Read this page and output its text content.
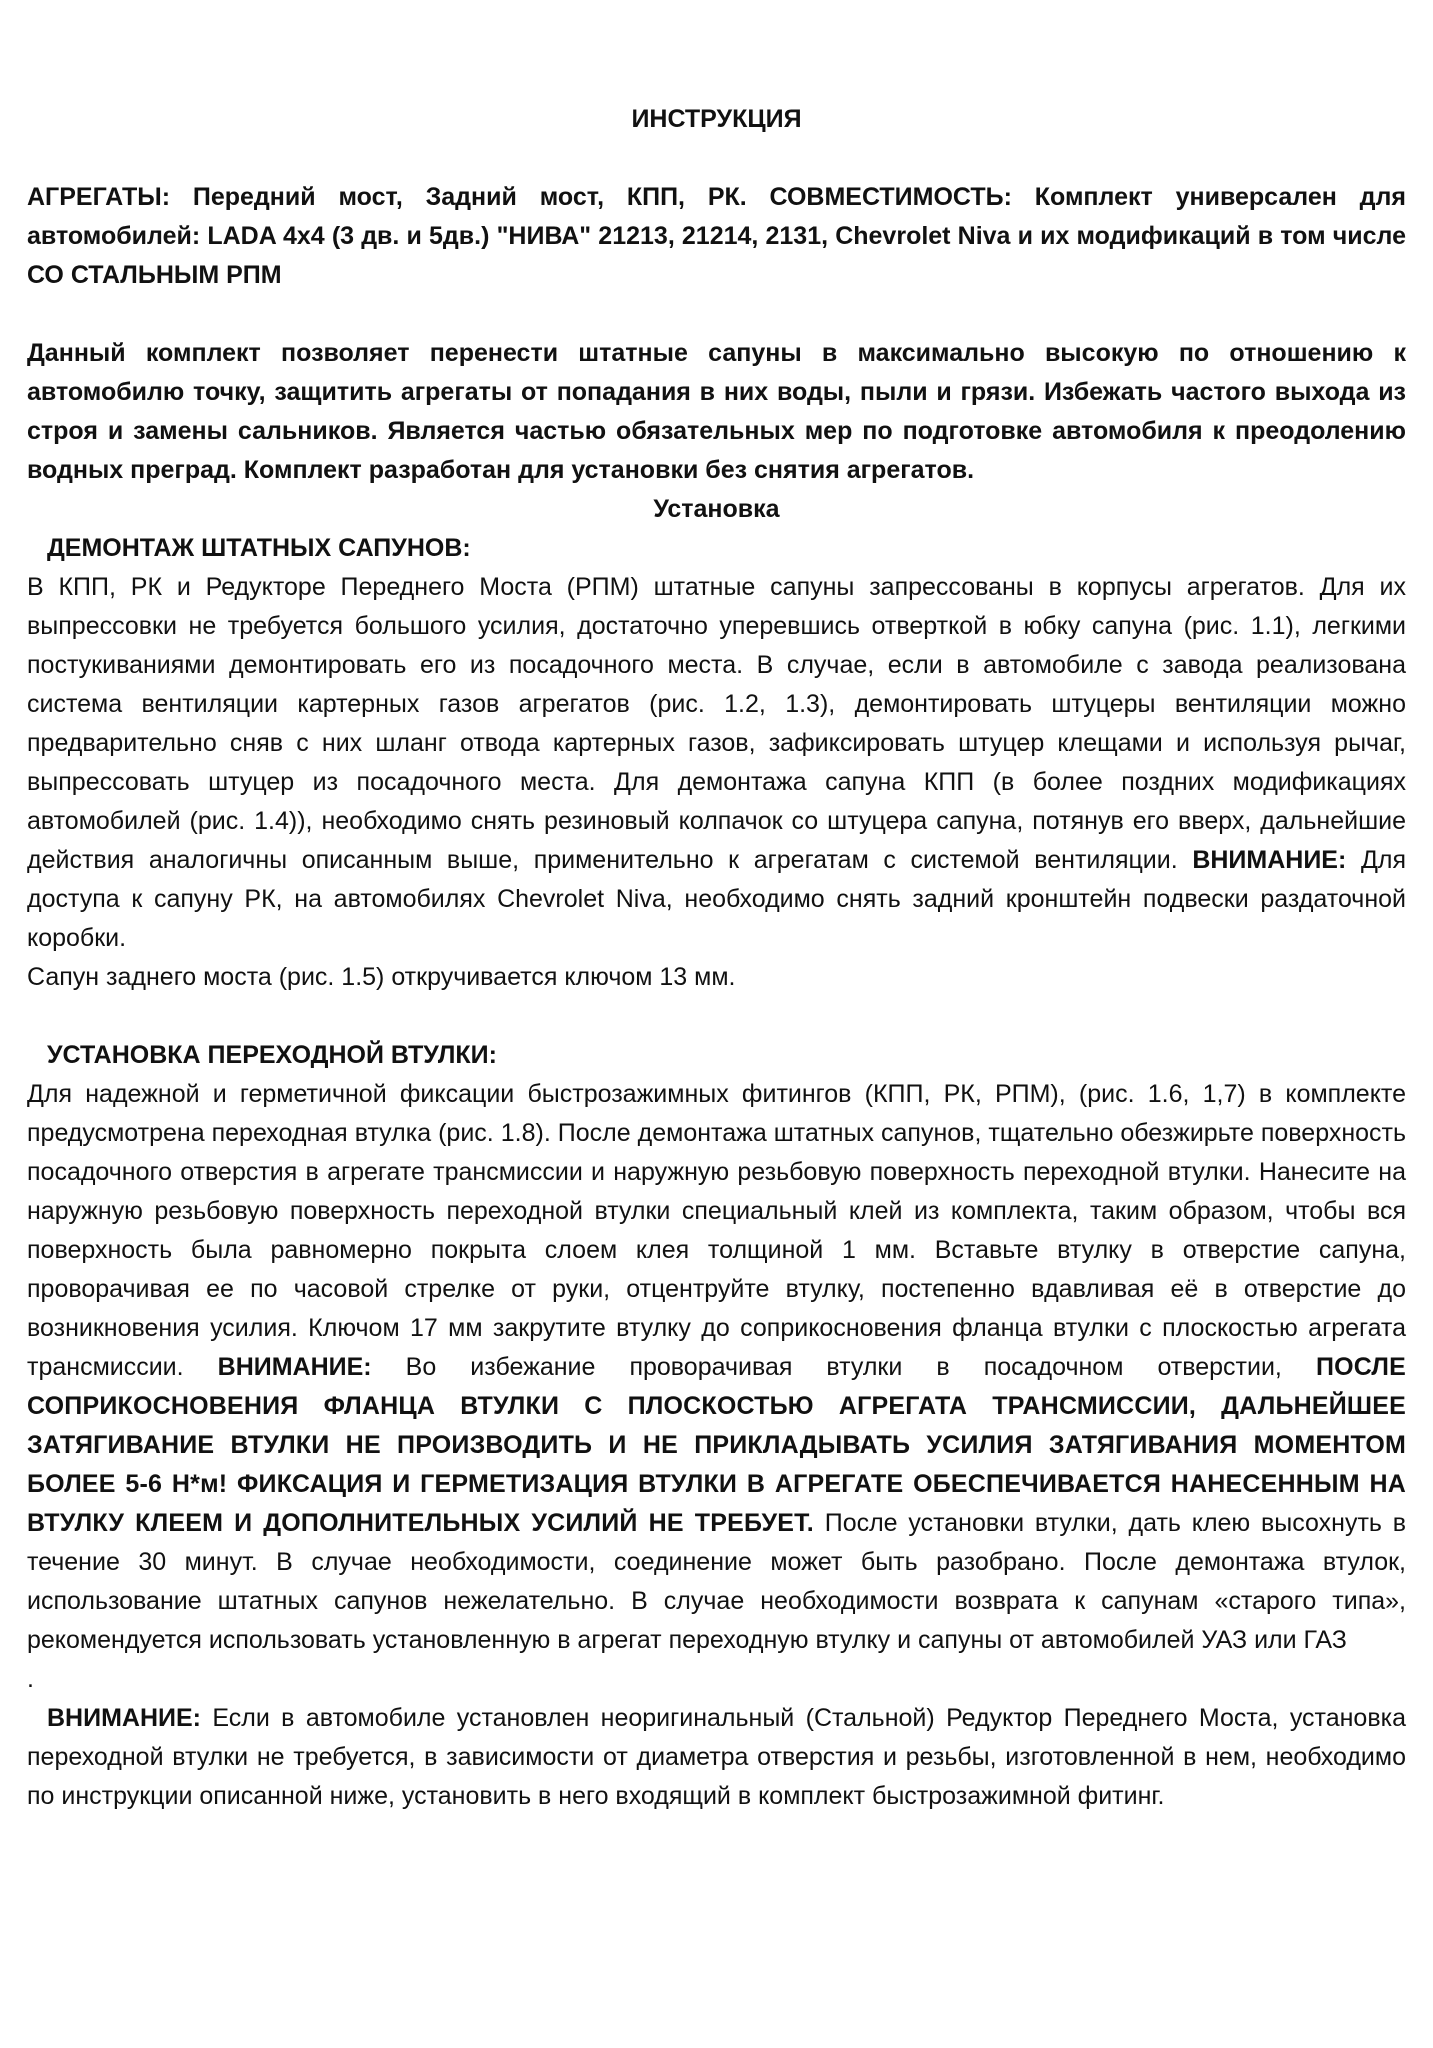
ИНСТРУКЦИЯ

АГРЕГАТЫ: Передний мост, Задний мост, КПП, РК. СОВМЕСТИМОСТЬ: Комплект универсален для автомобилей: LADA 4x4 (3 дв. и 5дв.) "НИВА" 21213, 21214, 2131, Chevrolet Niva и их модификаций в том числе СО СТАЛЬНЫМ РПМ

Данный комплект позволяет перенести штатные сапуны в максимально высокую по отношению к автомобилю точку, защитить агрегаты от попадания в них воды, пыли и грязи. Избежать частого выхода из строя и замены сальников. Является частью обязательных мер по подготовке автомобиля к преодолению водных преград. Комплект разработан для установки без снятия агрегатов.

Установка

ДЕМОНТАЖ ШТАТНЫХ САПУНОВ:

В КПП, РК и Редукторе Переднего Моста (РПМ) штатные сапуны запрессованы в корпусы агрегатов. Для их выпрессовки не требуется большого усилия, достаточно уперевшись отверткой в юбку сапуна (рис. 1.1), легкими постукиваниями демонтировать его из посадочного места. В случае, если в автомобиле с завода реализована система вентиляции картерных газов агрегатов (рис. 1.2, 1.3), демонтировать штуцеры вентиляции можно предварительно сняв с них шланг отвода картерных газов, зафиксировать штуцер клещами и используя рычаг, выпрессовать штуцер из посадочного места. Для демонтажа сапуна КПП (в более поздних модификациях автомобилей (рис. 1.4)), необходимо снять резиновый колпачок со штуцера сапуна, потянув его вверх, дальнейшие действия аналогичны описанным выше, применительно к агрегатам с системой вентиляции. ВНИМАНИЕ: Для доступа к сапуну РК, на автомобилях Chevrolet Niva, необходимо снять задний кронштейн подвески раздаточной коробки.

Сапун заднего моста (рис. 1.5) откручивается ключом 13 мм.

УСТАНОВКА ПЕРЕХОДНОЙ ВТУЛКИ:

Для надежной и герметичной фиксации быстрозажимных фитингов (КПП, РК, РПМ), (рис. 1.6, 1,7) в комплекте предусмотрена переходная втулка (рис. 1.8). После демонтажа штатных сапунов, тщательно обезжирьте поверхность посадочного отверстия в агрегате трансмиссии и наружную резьбовую поверхность переходной втулки. Нанесите на наружную резьбовую поверхность переходной втулки специальный клей из комплекта, таким образом, чтобы вся поверхность была равномерно покрыта слоем клея толщиной 1 мм. Вставьте втулку в отверстие сапуна, проворачивая ее по часовой стрелке от руки, отцентруйте втулку, постепенно вдавливая её в отверстие до возникновения усилия. Ключом 17 мм закрутите втулку до соприкосновения фланца втулки с плоскостью агрегата трансмиссии. ВНИМАНИЕ: Во избежание проворачивая втулки в посадочном отверстии, ПОСЛЕ СОПРИКОСНОВЕНИЯ ФЛАНЦА ВТУЛКИ С ПЛОСКОСТЬЮ АГРЕГАТА ТРАНСМИССИИ, ДАЛЬНЕЙШЕЕ ЗАТЯГИВАНИЕ ВТУЛКИ НЕ ПРОИЗВОДИТЬ И НЕ ПРИКЛАДЫВАТЬ УСИЛИЯ ЗАТЯГИВАНИЯ МОМЕНТОМ БОЛЕЕ 5-6 Н*м! ФИКСАЦИЯ И ГЕРМЕТИЗАЦИЯ ВТУЛКИ В АГРЕГАТЕ ОБЕСПЕЧИВАЕТСЯ НАНЕСЕННЫМ НА ВТУЛКУ КЛЕЕМ И ДОПОЛНИТЕЛЬНЫХ УСИЛИЙ НЕ ТРЕБУЕТ. После установки втулки, дать клею высохнуть в течение 30 минут. В случае необходимости, соединение может быть разобрано. После демонтажа втулок, использование штатных сапунов нежелательно. В случае необходимости возврата к сапунам «старого типа», рекомендуется использовать установленную в агрегат переходную втулку и сапуны от автомобилей УАЗ или ГАЗ

.

ВНИМАНИЕ: Если в автомобиле установлен неоригинальный (Стальной) Редуктор Переднего Моста, установка переходной втулки не требуется, в зависимости от диаметра отверстия и резьбы, изготовленной в нем, необходимо по инструкции описанной ниже, установить в него входящий в комплект быстрозажимной фитинг.
